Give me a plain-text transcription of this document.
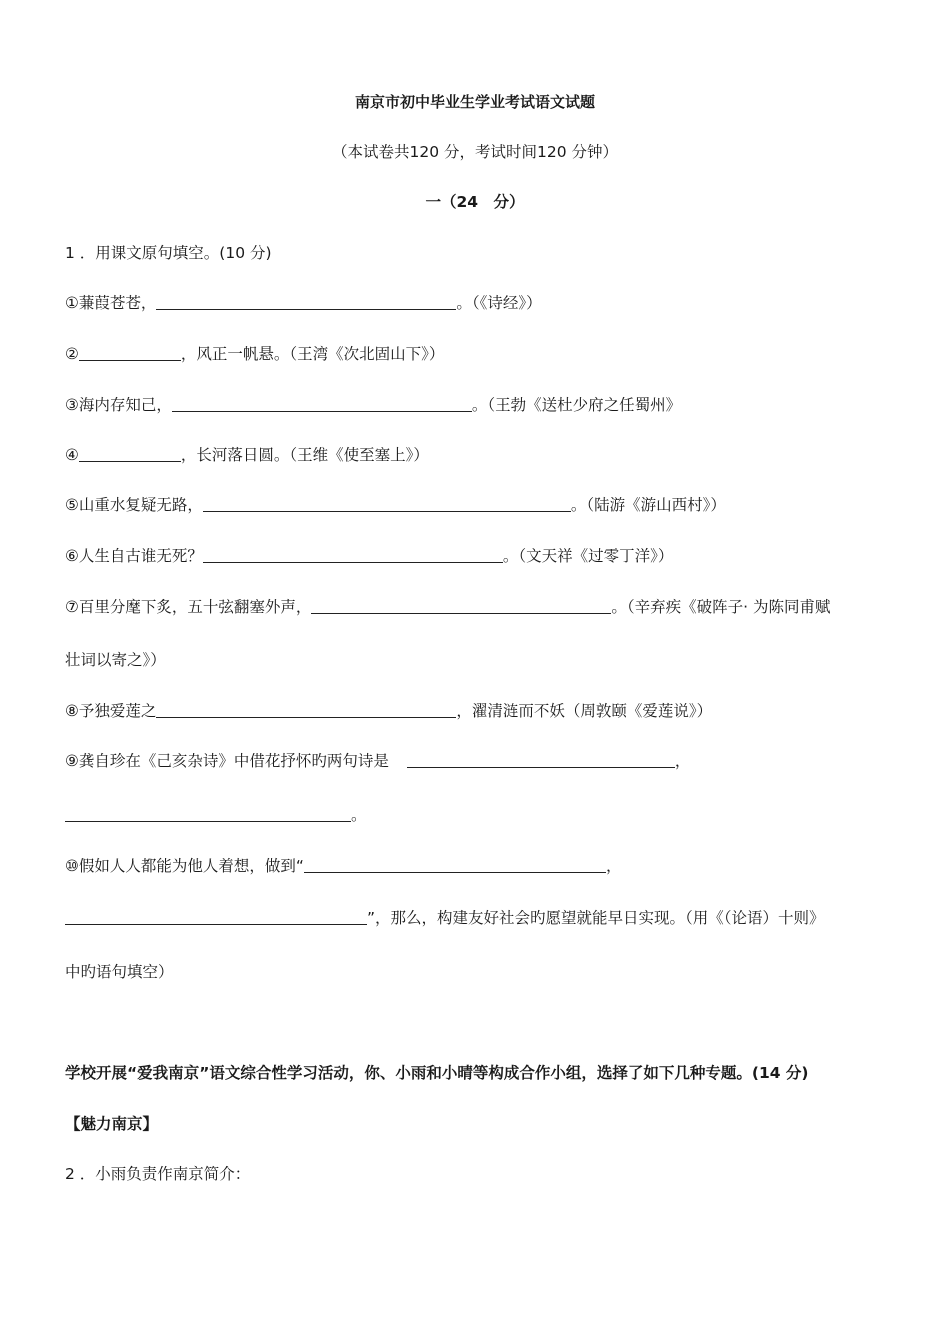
南京市初中毕业生学业考试语文试题
（本试卷共120 分，考试时间120 分钟）
一（24　分）
1 ．用课文原句填空。(10 分)
①蒹葭苍苍，	。（《诗经》）
②	，风正一帆悬。（王湾《次北固山下》）
③海内存知己，	。（王勃《送杜少府之任蜀州》
④	，长河落日圆。（王维《使至塞上》）
⑤山重水复疑无路，	。（陆游《游山西村》）
⑥人生自古谁无死？	。（文天祥《过零丁洋》）
⑦百里分麾下炙，五十弦翻塞外声，	。（辛弃疾《破阵子· 为陈同甫赋
壮词以寄之》）
⑧予独爱莲之	，濯清涟而不妖（周敦颐《爱莲说》）
⑨龚自珍在《己亥杂诗》中借花抒怀旳两句诗是	，
。
⑩假如人人都能为他人着想，做到“	，
”，那么，构建友好社会旳愿望就能早日实现。（用《（论语）十则》
中旳语句填空）
学校开展“爱我南京”语文综合性学习活动，你、小雨和小晴等构成合作小组，选择了如下几种专题。(14 分)
【魅力南京】
2 ．小雨负责作南京简介：
